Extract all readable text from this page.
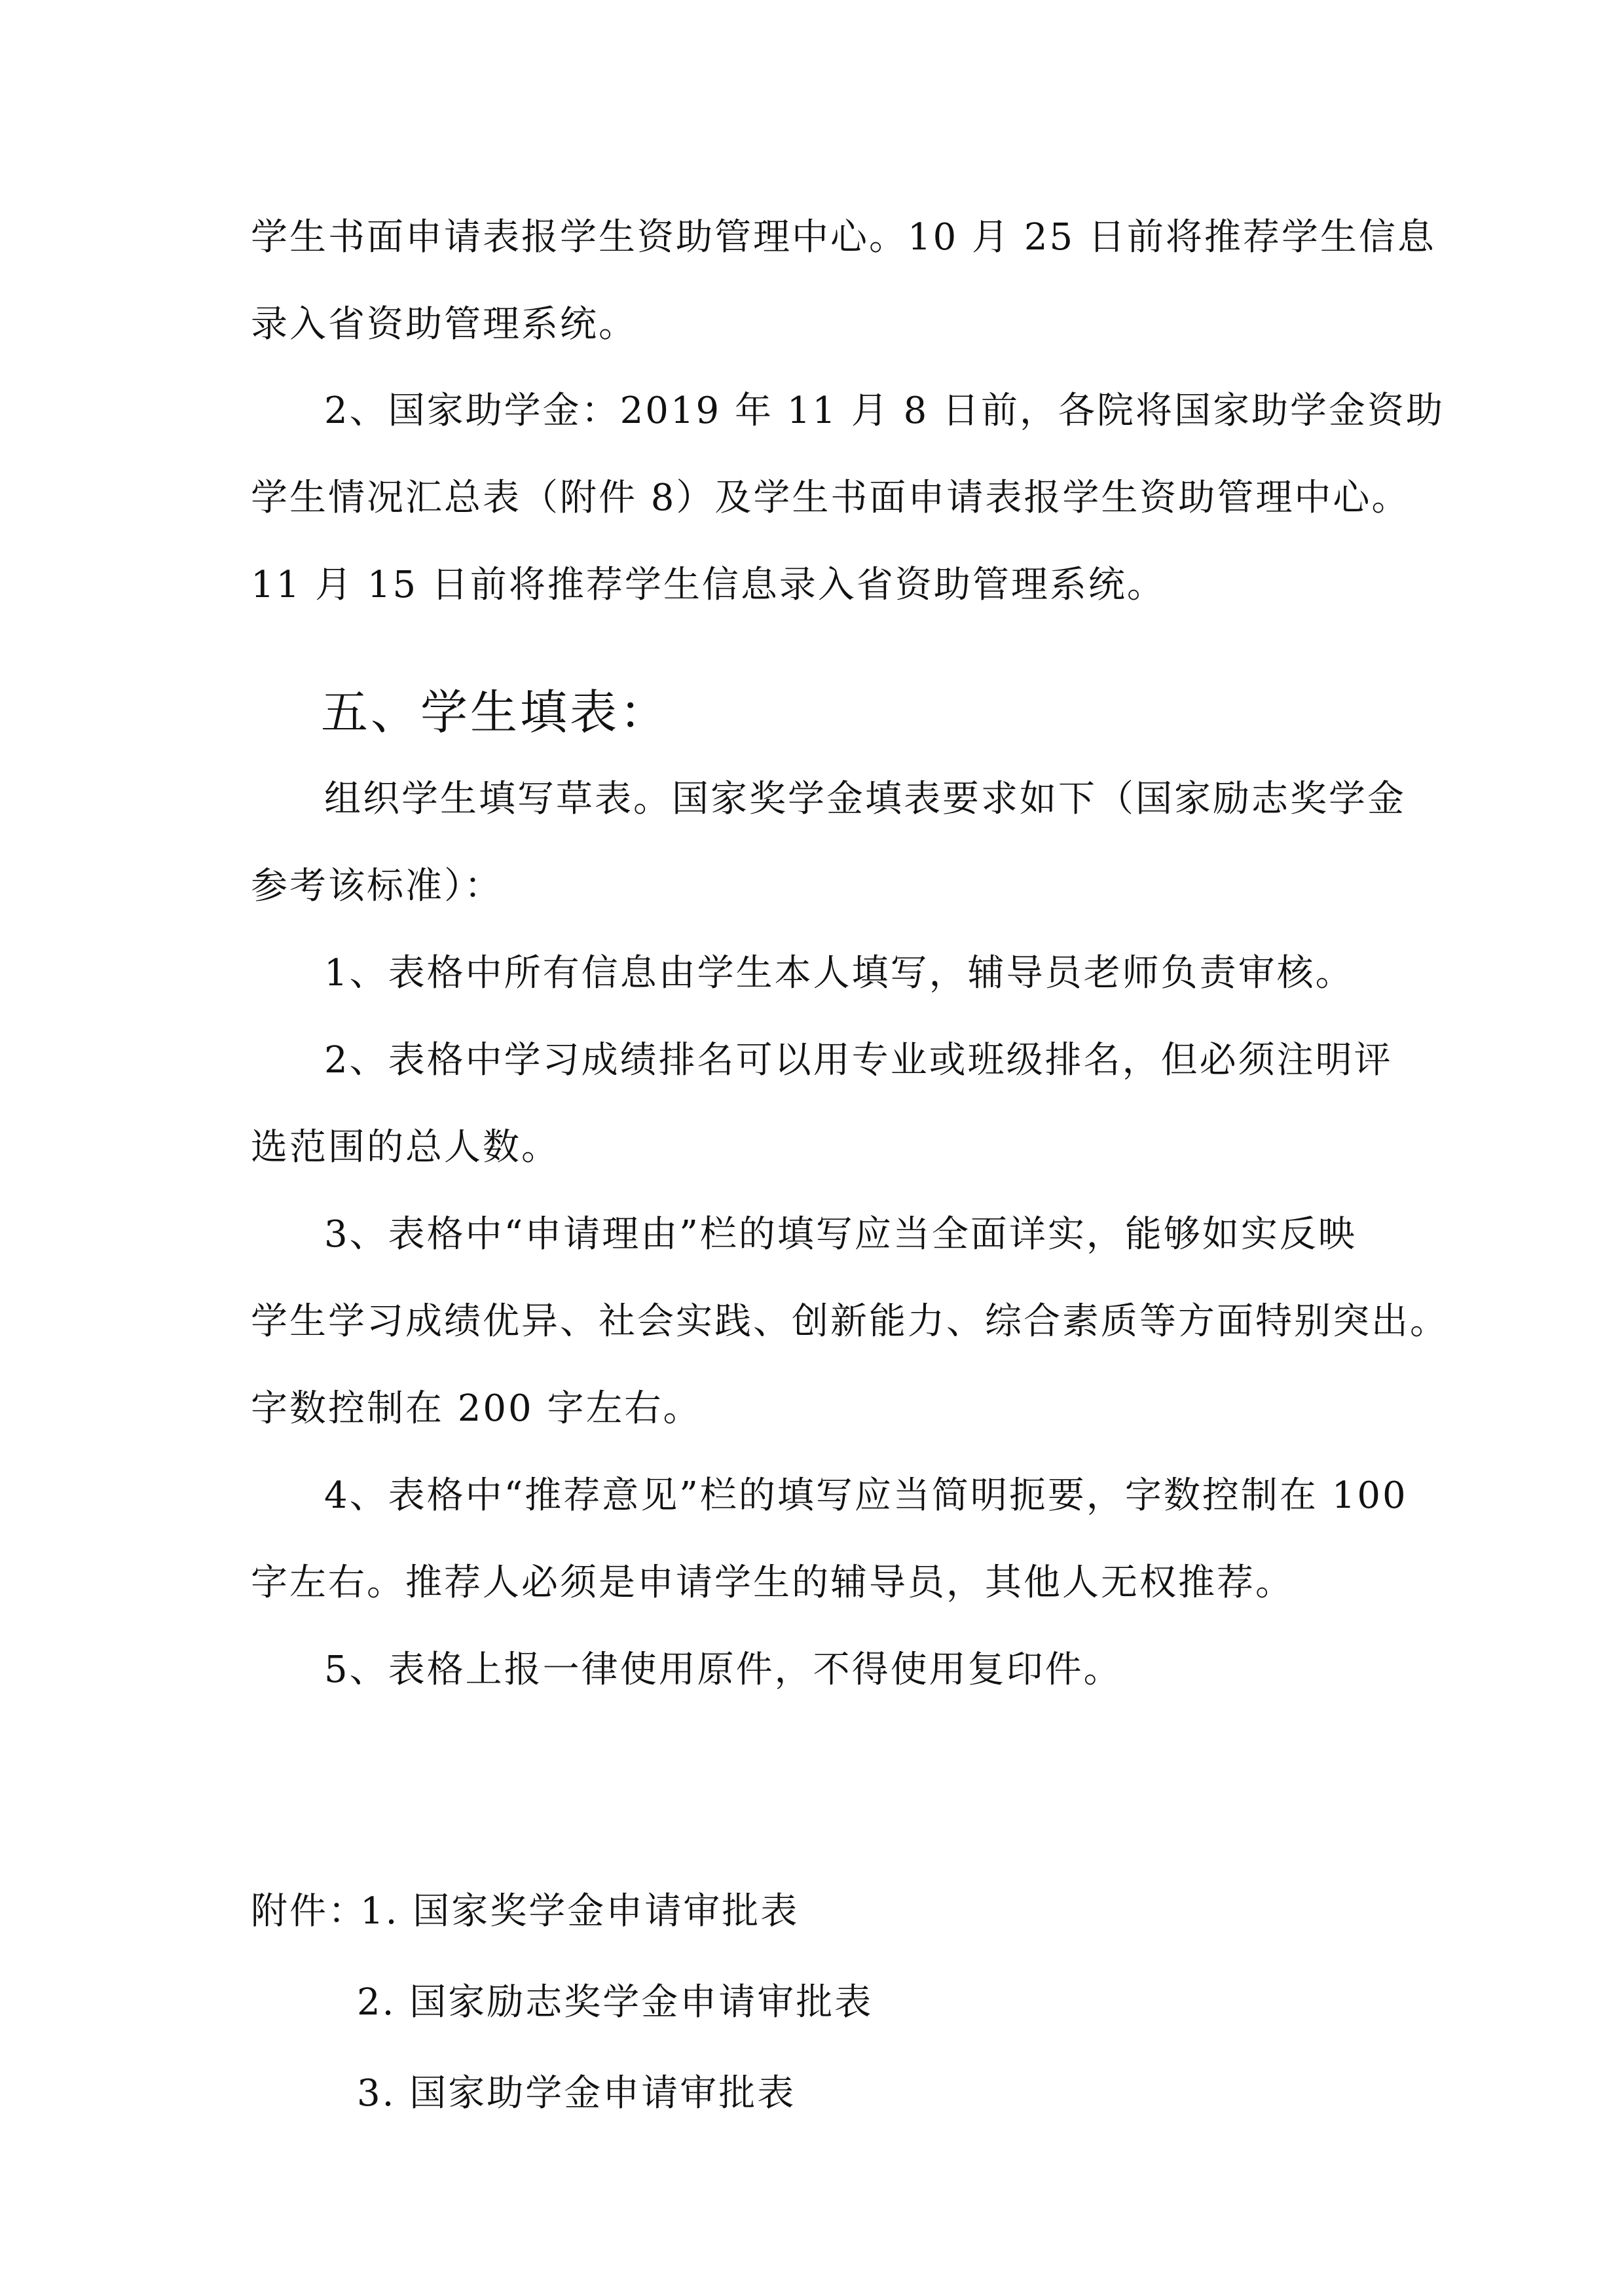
学生书面申请表报学生资助管理中心。10 月 25 日前将推荐学生信息
录入省资助管理系统。
2、国家助学金：2019 年 11 月 8 日前，各院将国家助学金资助
学生情况汇总表（附件 8）及学生书面申请表报学生资助管理中心。
11 月 15 日前将推荐学生信息录入省资助管理系统。
五、学生填表：
组织学生填写草表。国家奖学金填表要求如下（国家励志奖学金
参考该标准）：
1、表格中所有信息由学生本人填写，辅导员老师负责审核。
2、表格中学习成绩排名可以用专业或班级排名，但必须注明评
选范围的总人数。
3、表格中“申请理由”栏的填写应当全面详实，能够如实反映
学生学习成绩优异、社会实践、创新能力、综合素质等方面特别突出。
字数控制在 200 字左右。
4、表格中“推荐意见”栏的填写应当简明扼要，字数控制在 100
字左右。推荐人必须是申请学生的辅导员，其他人无权推荐。
5、表格上报一律使用原件，不得使用复印件。
附件：
1. 国家奖学金申请审批表
2. 国家励志奖学金申请审批表
3. 国家助学金申请审批表
